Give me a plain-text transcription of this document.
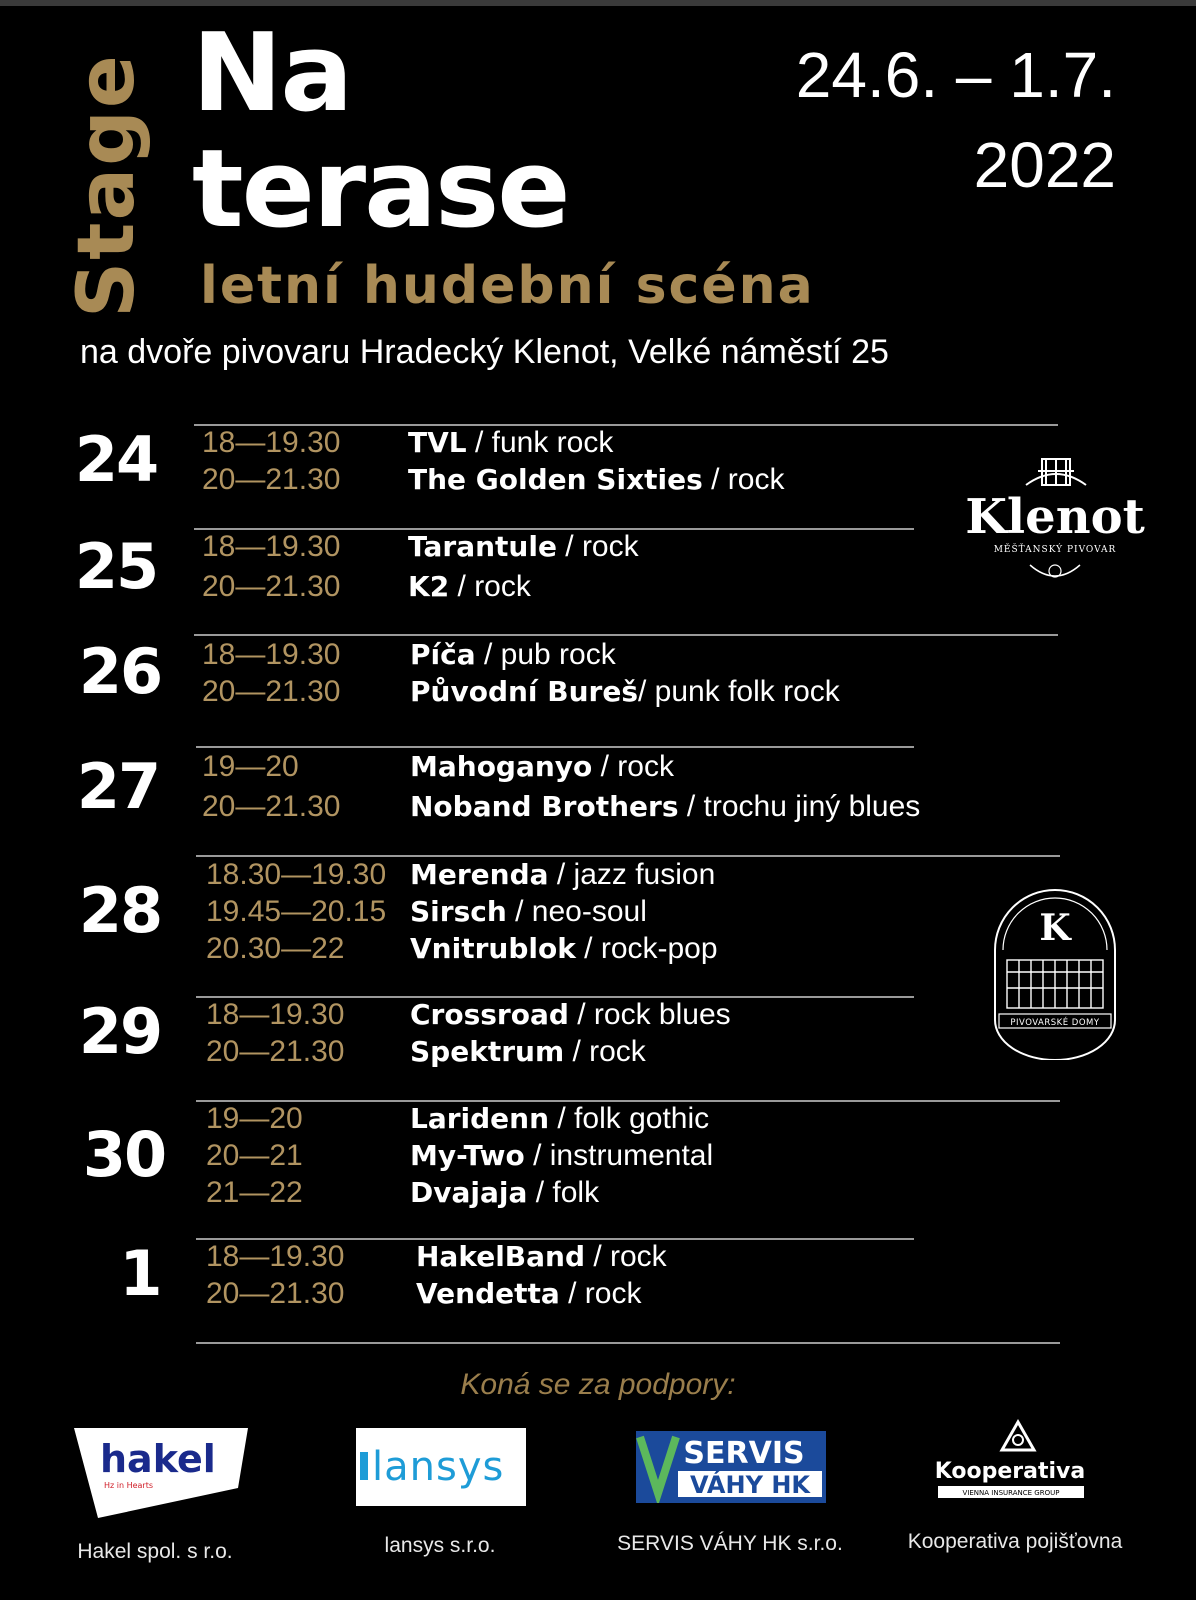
Stage Na
terase
letní hudební scéna
24.6. – 1.7.
2022
na dvoře pivovaru Hradecký Klenot, Velké náměstí 25
24	18—19.30 TVL / funk rock
20—21.30 The Golden Sixties / rock
25	18—19.30 Tarantule / rock
20—21.30 K2 / rock
26	18—19.30 Píča / pub rock
20—21.30 Původní Bureš/ punk folk rock
27	19—20	Mahoganyo / rock
20—21.30 Noband Brothers / trochu jiný blues
28	18.30—19.30 Merenda / jazz fusion
19.45—20.15 Sirsch / neo-soul
20.30—22 Vnitrublok / rock-pop
29	18—19.30 Crossroad / rock blues
20—21.30 Spektrum / rock
30	19—20	Laridenn / folk gothic
20—21	My-Two / instrumental
21—22	Dvajaja / folk
1	18—19.30	HakelBand / rock
20—21.30	Vendetta / rock
Klenot
MĚŠŤANSKÝ PIVOVAR
K
PIVOVARSKÉ DOMY
Koná se za podpory:
hakel
Hz in Hearts	lansys	SERVIS
VÁHY HK	Kooperativa
VIENNA INSURANCE GROUP
Hakel spol. s r.o.	lansys s.r.o.	SERVIS VÁHY HK s.r.o.	Kooperativa pojišťovna
